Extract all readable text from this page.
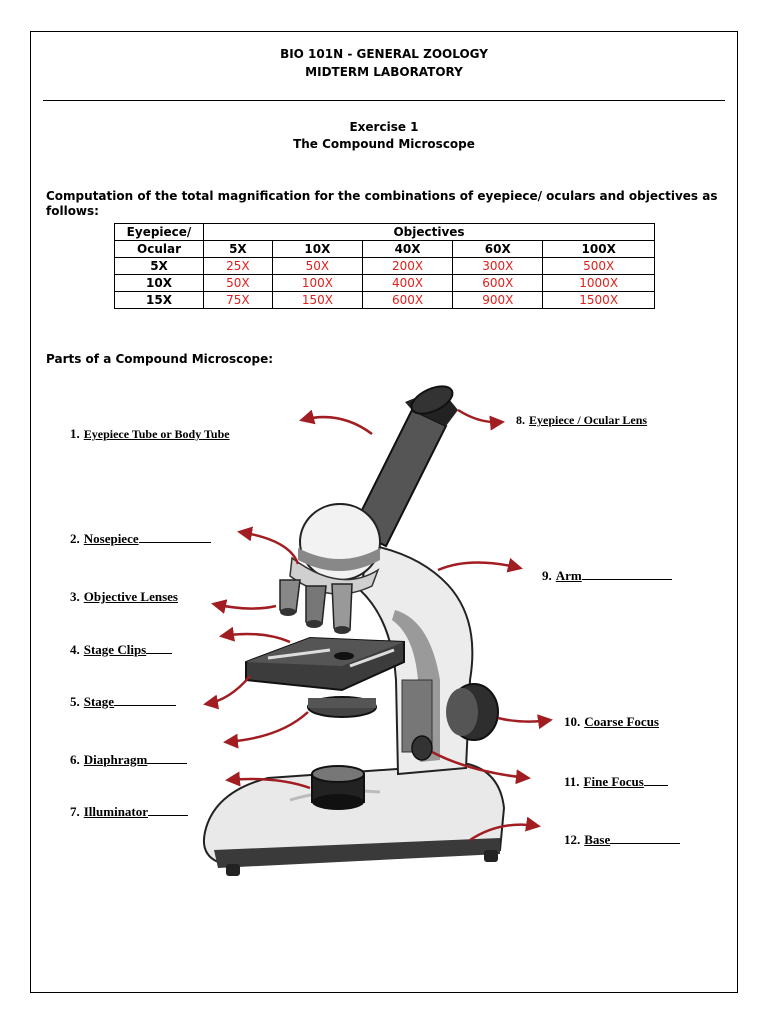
BIO 101N - GENERAL ZOOLOGY
MIDTERM LABORATORY
Exercise 1
The Compound Microscope
Computation of the total magnification for the combinations of eyepiece/ oculars and objectives as follows:
Eyepiece/	Objectives				
Ocular	5X	10X	40X	60X	100X
5X	25X	50X	200X	300X	500X
10X	50X	100X	400X	600X	1000X
15X	75X	150X	600X	900X	1500X
Parts of a Compound Microscope:
1. Eyepiece Tube or Body Tube
2. Nosepiece
3. Objective Lenses
4. Stage Clips
5. Stage
6. Diaphragm
7. Illuminator
8. Eyepiece / Ocular Lens
9. Arm
10. Coarse Focus
11. Fine Focus
12. Base
